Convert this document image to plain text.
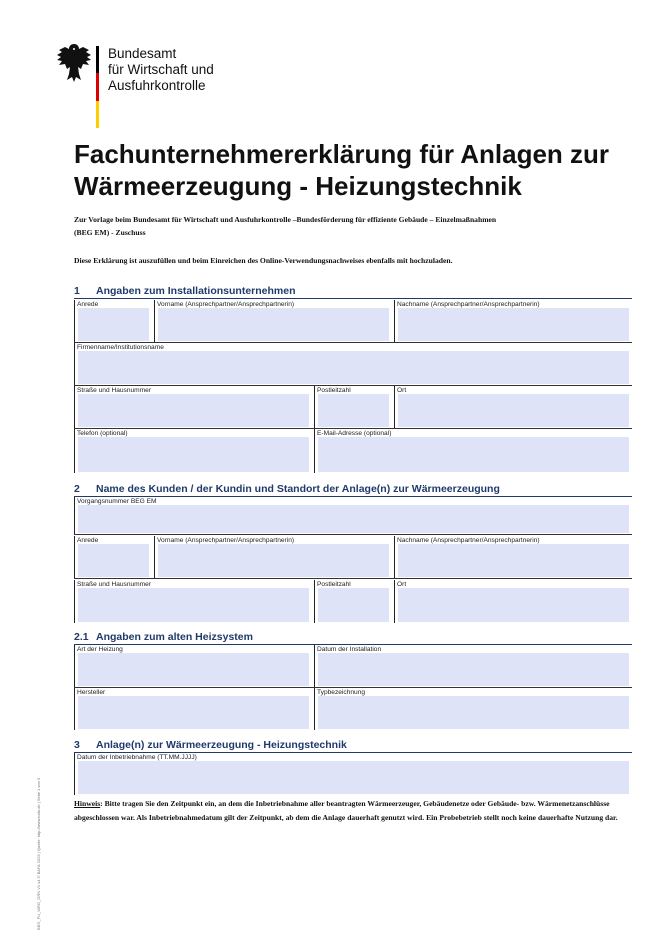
Bundesamt
für Wirtschaft und
Ausfuhrkontrolle
Fachunternehmererklärung für Anlagen zur
Wärmeerzeugung - Heizungstechnik
Zur Vorlage beim Bundesamt für Wirtschaft und Ausfuhrkontrolle –Bundesförderung für effiziente Gebäude – Einzelmaßnahmen
(BEG EM) - Zuschuss
Diese Erklärung ist auszufüllen und beim Einreichen des Online-Verwendungsnachweises ebenfalls mit hochzuladen.
1 Angaben zum Installationsunternehmen
Anrede	Vorname (Ansprechpartner/Ansprechpartnerin)	Nachname (Ansprechpartner/Ansprechpartnerin)
Firmenname/Institutionsname
Straße und Hausnummer	Postleitzahl	Ort
Telefon (optional)	E-Mail-Adresse (optional)
2 Name des Kunden / der Kundin und Standort der Anlage(n) zur Wärmeerzeugung
Vorgangsnummer BEG EM
Anrede	Vorname (Ansprechpartner/Ansprechpartnerin)	Nachname (Ansprechpartner/Ansprechpartnerin)
Straße und Hausnummer	Postleitzahl	Ort
2.1 Angaben zum alten Heizsystem
Art der Heizung	Datum der Installation
Hersteller	Typbezeichnung
3 Anlage(n) zur Wärmeerzeugung - Heizungstechnik
Datum der Inbetriebnahme (TT.MM.JJJJ)
Hinweis: Bitte tragen Sie den Zeitpunkt ein, an dem die Inbetriebnahme aller beantragten Wärmeerzeuger, Gebäudenetze oder Gebäude- bzw. Wärmenetzanschlüsse abgeschlossen war. Als Inbetriebnahmedatum gilt der Zeitpunkt, ab dem die Anlage dauerhaft genutzt wird. Ein Probebetrieb stellt noch keine dauerhafte Nutzung dar.
BEG_FU_WRG_GRN V1 v4 © BAFA 2023 | Quelle: http://www.bafa.de | Seite 1 von 5
